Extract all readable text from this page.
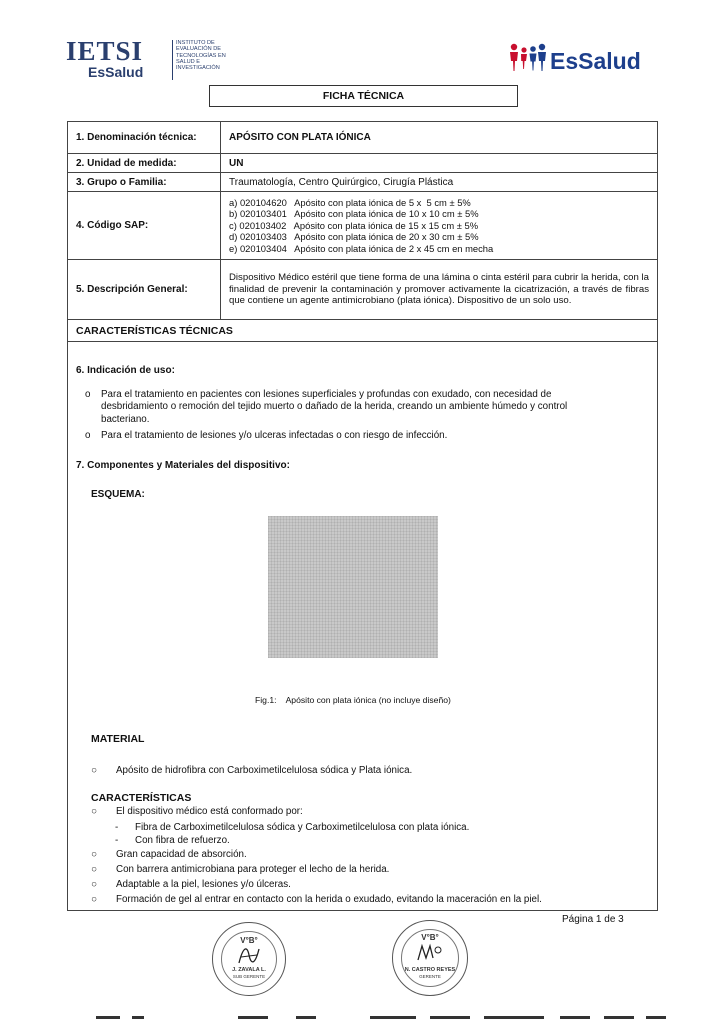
IETSI
EsSalud
INSTITUTO DE
EVALUACIÓN DE
TECNOLOGÍAS EN
SALUD E
INVESTIGACIÓN	EsSalud
FICHA TÉCNICA
1. Denominación técnica:	APÓSITO CON PLATA IÓNICA
2. Unidad de medida:	UN
3. Grupo o Familia:	Traumatología, Centro Quirúrgico, Cirugía Plástica
4. Código SAP:	a) 020104620   Apósito con plata iónica de 5 x  5 cm ± 5%
b) 020103401   Apósito con plata iónica de 10 x 10 cm ± 5%
c) 020103402   Apósito con plata iónica de 15 x 15 cm ± 5%
d) 020103403   Apósito con plata iónica de 20 x 30 cm ± 5%
e) 020103404   Apósito con plata iónica de 2 x 45 cm en mecha

5. Descripción General:	Dispositivo Médico estéril que tiene forma de una lámina o cinta estéril para cubrir la herida, con la finalidad de prevenir la contaminación y promover activamente la cicatrización, a través de fibras que contiene un agente antimicrobiano (plata iónica). Dispositivo de un solo uso.
CARACTERÍSTICAS TÉCNICAS	
6. Indicación de uso:
o Para el tratamiento en pacientes con lesiones superficiales y profundas con exudado, con necesidad de
desbridamiento o remoción del tejido muerto o dañado de la herida, creando un ambiente húmedo y control
bacteriano.
o Para el tratamiento de lesiones y/o ulceras infectadas o con riesgo de infección.
7. Componentes y Materiales del dispositivo:
ESQUEMA:
Fig.1: Apósito con plata iónica (no incluye diseño)
MATERIAL
○ Apósito de hidrofibra con Carboximetilcelulosa sódica y Plata iónica.
CARACTERÍSTICAS
○ El dispositivo médico está conformado por:
- Fibra de Carboximetilcelulosa sódica y Carboximetilcelulosa con plata iónica.
- Con fibra de refuerzo.
○ Gran capacidad de absorción.
○ Con barrera antimicrobiana para proteger el lecho de la herida.
○ Adaptable a la piel, lesiones y/o úlceras.
○ Formación de gel al entrar en contacto con la herida o exudado, evitando la maceración en la piel.
Página 1 de 3
V°B°
J. ZAVALA L.
SUB GERENTE
V°B°
N. CASTRO REYES
GERENTE
